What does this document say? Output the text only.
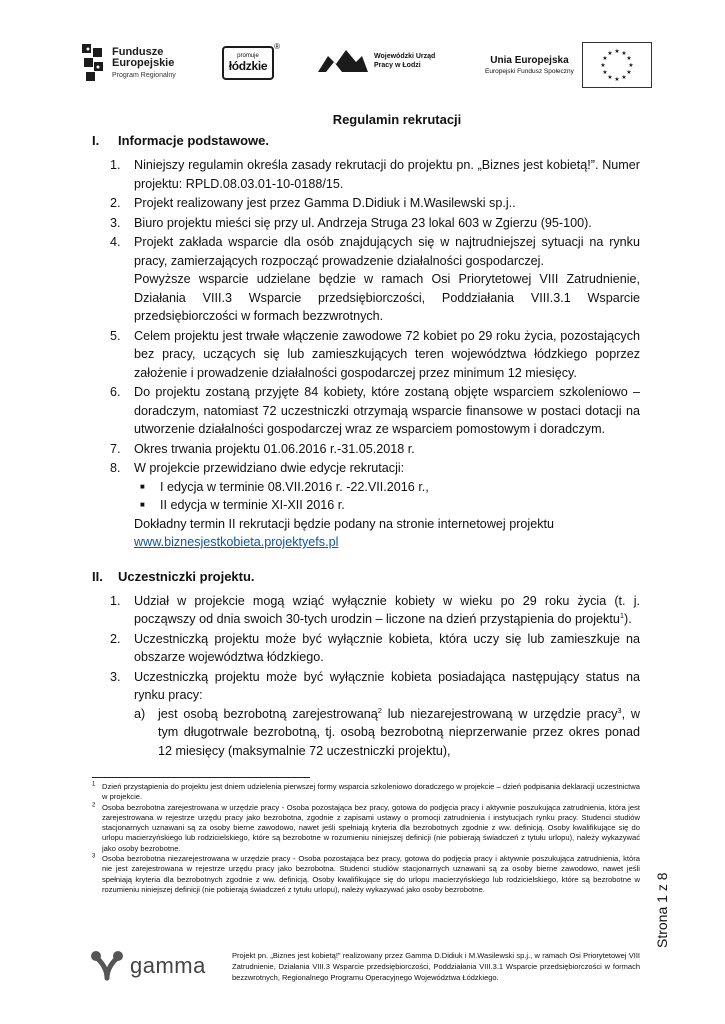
Fundusze
Europejskie
Program Regionalny
promuje
łódzkie
®
Wojewódzki Urząd
Pracy w Łodzi	Unia Europejska
Europejski Fundusz Społeczny
★ ★
★
★
★
★
★
★
★
★
★
★
Regulamin rekrutacji
I.	Informacje podstawowe.
1.	Niniejszy regulamin określa zasady rekrutacji do projektu pn. „Biznes jest kobietą!”. Numer projektu: RPLD.08.03.01-10-0188/15.
2.	Projekt realizowany jest przez Gamma D.Didiuk i M.Wasilewski sp.j..
3.	Biuro projektu mieści się przy ul. Andrzeja Struga 23 lokal 603 w Zgierzu (95-100).
4.	Projekt zakłada wsparcie dla osób znajdujących się w najtrudniejszej sytuacji na rynku pracy, zamierzających rozpocząć prowadzenie działalności gospodarczej.

Powyższe wsparcie udzielane będzie w ramach Osi Priorytetowej VIII Zatrudnienie, Działania VIII.3 Wsparcie przedsiębiorczości, Poddziałania VIII.3.1 Wsparcie przedsiębiorczości w formach bezzwrotnych.

5.	Celem projektu jest trwałe włączenie zawodowe 72 kobiet po 29 roku życia, pozostających bez pracy, uczących się lub zamieszkujących teren województwa łódzkiego poprzez założenie i prowadzenie działalności gospodarczej przez minimum 12 miesięcy.
6.	Do projektu zostaną przyjęte 84 kobiety, które zostaną objęte wsparciem szkoleniowo – doradczym, natomiast 72 uczestniczki otrzymają wsparcie finansowe w postaci dotacji na utworzenie działalności gospodarczej wraz ze wsparciem pomostowym i doradczym.
7.	Okres trwania projektu 01.06.2016 r.-31.05.2018 r.
8.	W projekcie przewidziano dwie edycje rekrutacji:

■	I edycja w terminie 08.VII.2016 r. -22.VII.2016 r.,
■	II edycja w terminie XI-XII 2016 r.

Dokładny termin II rekrutacji będzie podany na stronie internetowej projektu

www.biznesjestkobieta.projektyefs.pl

II.	Uczestniczki projektu.
1.	Udział w projekcie mogą wziąć wyłącznie kobiety w wieku po 29 roku życia (t. j. począwszy od dnia swoich 30-tych urodzin – liczone na dzień przystąpienia do projektu$^1$).
2.	Uczestniczką projektu może być wyłącznie kobieta, która uczy się lub zamieszkuje na obszarze województwa łódzkiego.
3.	Uczestniczką projektu może być wyłącznie kobieta posiadająca następujący status na rynku pracy:

a)	jest osobą bezrobotną zarejestrowaną$^2$ lub niezarejestrowaną w urzędzie pracy$^3$, w tym długotrwale bezrobotną, tj. osobą bezrobotną nieprzerwanie przez okres ponad 12 miesięcy (maksymalnie 72 uczestniczki projektu),
$^1$ Dzień przystąpienia do projektu jest dniem udzielenia pierwszej formy wsparcia szkoleniowo doradczego w projekcie – dzień podpisania deklaracji uczestnictwa w projekcie.

$^2$ Osoba bezrobotna zarejestrowana w urzędzie pracy - Osoba pozostająca bez pracy, gotowa do podjęcia pracy i aktywnie poszukująca zatrudnienia, która jest zarejestrowana w rejestrze urzędu pracy jako bezrobotna, zgodnie z zapisami ustawy o promocji zatrudnienia i instytucjach rynku pracy. Studenci studiów stacjonarnych uznawani są za osoby bierne zawodowo, nawet jeśli spełniają kryteria dla bezrobotnych zgodnie z ww. definicją. Osoby kwalifikujące się do urlopu macierzyńskiego lub rodzicielskiego, które są bezrobotne w rozumieniu niniejszej definicji (nie pobierają świadczeń z tytułu urlopu), należy wykazywać jako osoby bezrobotne.

$^3$ Osoba bezrobotna niezarejestrowana w urzędzie pracy - Osoba pozostająca bez pracy, gotowa do podjęcia pracy i aktywnie poszukująca zatrudnienia, która nie jest zarejestrowana w rejestrze urzędu pracy jako bezrobotna. Studenci studiów stacjonarnych uznawani są za osoby bierne zawodowo, nawet jeśli spełniają kryteria dla bezrobotnych zgodnie z ww. definicją. Osoby kwalifikujące się do urlopu macierzyńskiego lub rodzicielskiego, które są bezrobotne w rozumieniu niniejszej definicji (nie pobierają świadczeń z tytułu urlopu), należy wykazywać jako osoby bezrobotne.	Strona 1 z 8
gamma	Projekt pn. „Biznes jest kobietą!” realizowany przez Gamma D.Didiuk i M.Wasilewski sp.j., w ramach Osi Priorytetowej VIII Zatrudnienie, Działania VIII.3 Wsparcie przedsiębiorczości, Poddziałania VIII.3.1 Wsparcie przedsiębiorczości w formach bezzwrotnych, Regionalnego Programu Operacyjnego Województwa Łódzkiego.
